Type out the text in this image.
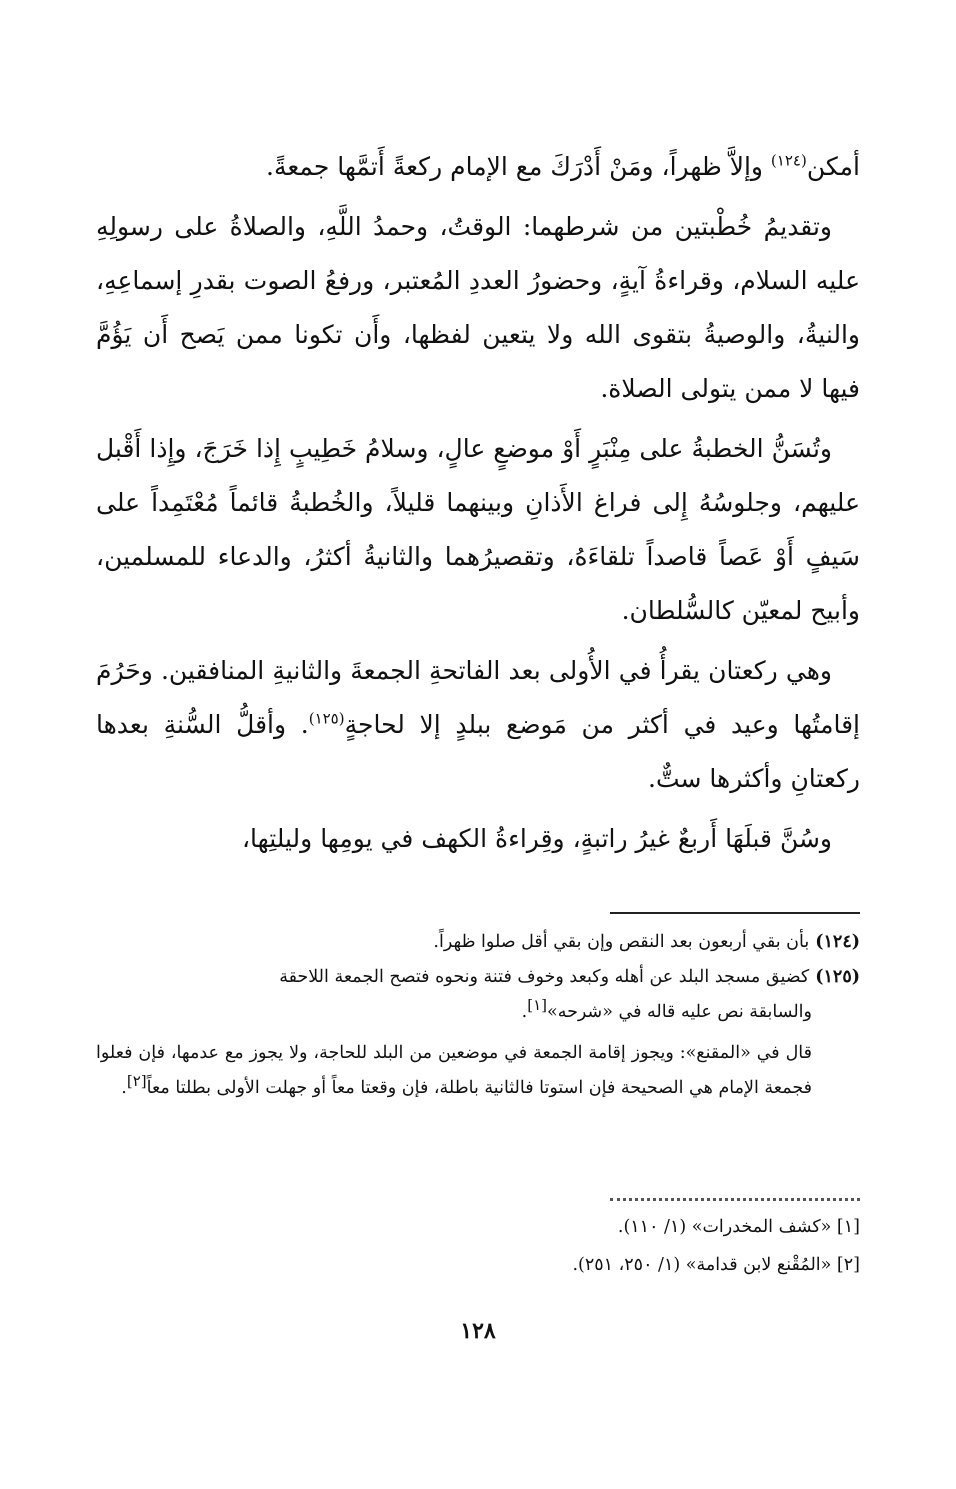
أمكن$^{(١٢٤)}$ وإلاَّ ظهراً، ومَنْ أَدْرَكَ مع الإمام ركعةً أَتمَّها جمعةً.

وتقديمُ خُطْبتين من شرطهما: الوقتُ، وحمدُ اللَّهِ، والصلاةُ على رسولِهِ عليه السلام، وقراءةُ آيةٍ، وحضورُ العددِ المُعتبر، ورفعُ الصوت بقدرِ إسماعِهِ، والنيةُ، والوصيةُ بتقوى الله ولا يتعين لفظها، وأَن تكونا ممن يَصح أَن يَؤُمَّ فيها لا ممن يتولى الصلاة.

وتُسَنُّ الخطبةُ على مِنْبَرٍ أَوْ موضعٍ عالٍ، وسلامُ خَطِيبٍ إِذا خَرَجَ، وإِذا أَقْبل عليهم، وجلوسُهُ إِلى فراغ الأَذانِ وبينهما قليلاً، والخُطبةُ قائماً مُعْتَمِداً على سَيفٍ أَوْ عَصاً قاصداً تلقاءَهُ، وتقصيرُهما والثانيةُ أكثرُ، والدعاء للمسلمين، وأبيح لمعيّن كالسُّلطان.

وهي ركعتان يقرأُ في الأُولى بعد الفاتحةِ الجمعةَ والثانيةِ المنافقين. وحَرُمَ إقامتُها وعيد في أكثر من مَوضع ببلدٍ إلا لحاجةٍ$^{(١٢٥)}$. وأقلُّ السُّنةِ بعدها ركعتانِ وأكثرها ستٌّ.

وسُنَّ قبلَهَا أَربعٌ غيرُ راتبةٍ، وقِراءةُ الكهف في يومِها وليلتِها،

(١٢٤)بأن بقي أربعون بعد النقص وإن بقي أقل صلوا ظهراً.

(١٢٥)كضيق مسجد البلد عن أهله وكبعد وخوف فتنة ونحوه فتصح الجمعة اللاحقة

والسابقة نص عليه قاله في «شرحه»[١].

قال في «المقنع»: ويجوز إقامة الجمعة في موضعين من البلد للحاجة، ولا يجوز مع عدمها، فإن فعلوا فجمعة الإمام هي الصحيحة فإن استوتا فالثانية باطلة، فإن وقعتا معاً أو جهلت الأولى بطلتا معاً[٢].

[١] «كشف المخدرات» (١/ ١١٠).

[٢] «المُقْنع لابن قدامة» (١/ ٢٥٠، ٢٥١).

١٢٨
